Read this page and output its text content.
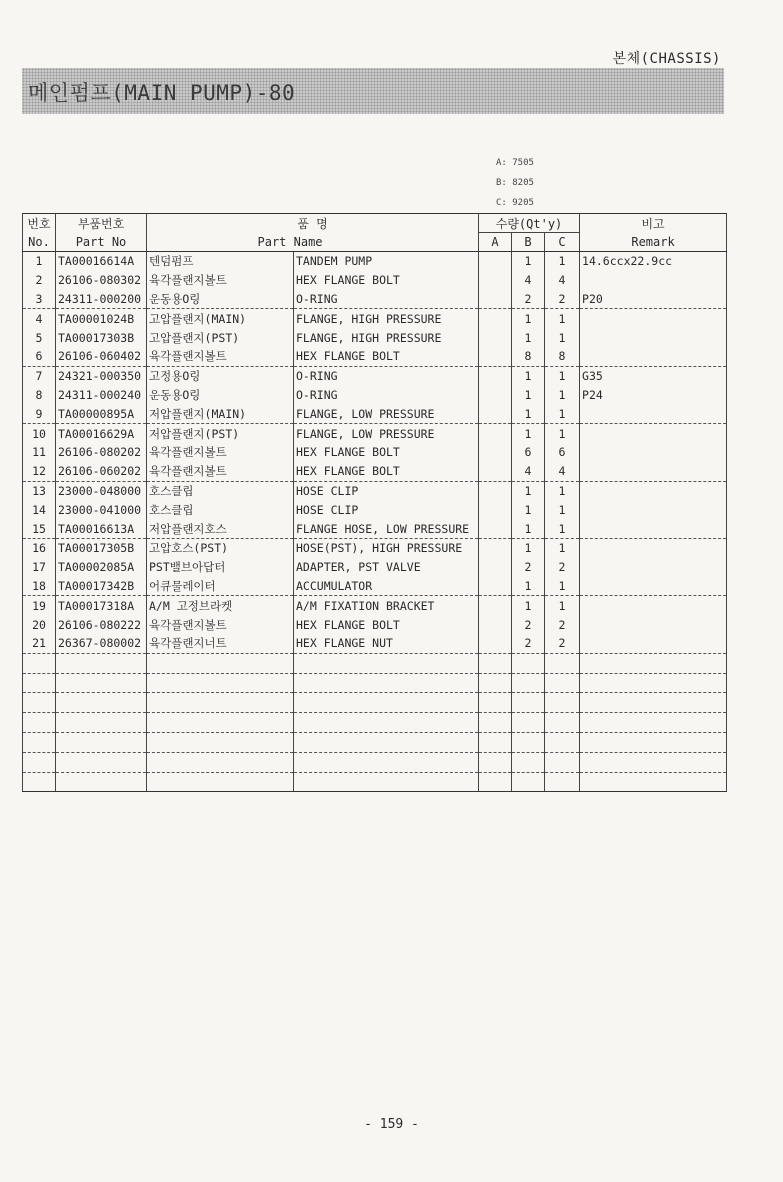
본체(CHASSIS)
메인펌프(MAIN PUMP)-80
A: 7505
B: 8205
C: 9205
번호	부품번호	품 명		수량(Qt'y)			비고
No.	Part No		Part Name	A	B	C	Remark
1	TA00016614A	텐덤펌프	TANDEM PUMP		1	1	14.6ccx22.9cc
2	26106-080302	육각플랜지볼트	HEX FLANGE BOLT		4	4	
3	24311-000200	운동용O링	O-RING		2	2	P20
4	TA00001024B	고압플랜지(MAIN)	FLANGE, HIGH PRESSURE		1	1	
5	TA00017303B	고압플랜지(PST)	FLANGE, HIGH PRESSURE		1	1	
6	26106-060402	육각플랜지볼트	HEX FLANGE BOLT		8	8	
7	24321-000350	고정용O링	O-RING		1	1	G35
8	24311-000240	운동용O링	O-RING		1	1	P24
9	TA00000895A	저압플랜지(MAIN)	FLANGE, LOW PRESSURE		1	1	
10	TA00016629A	저압플랜지(PST)	FLANGE, LOW PRESSURE		1	1	
11	26106-080202	육각플랜지볼트	HEX FLANGE BOLT		6	6	
12	26106-060202	육각플랜지볼트	HEX FLANGE BOLT		4	4	
13	23000-048000	호스클립	HOSE CLIP		1	1	
14	23000-041000	호스클립	HOSE CLIP		1	1	
15	TA00016613A	저압플랜지호스	FLANGE HOSE, LOW PRESSURE		1	1	
16	TA00017305B	고압호스(PST)	HOSE(PST), HIGH PRESSURE		1	1	
17	TA00002085A	PST밸브아답터	ADAPTER, PST VALVE		2	2	
18	TA00017342B	어큐물레이터	ACCUMULATOR		1	1	
19	TA00017318A	A/M 고정브라켓	A/M FIXATION BRACKET		1	1	
20	26106-080222	육각플랜지볼트	HEX FLANGE BOLT		2	2	
21	26367-080002	육각플랜지너트	HEX FLANGE NUT		2	2	

- 159 -
